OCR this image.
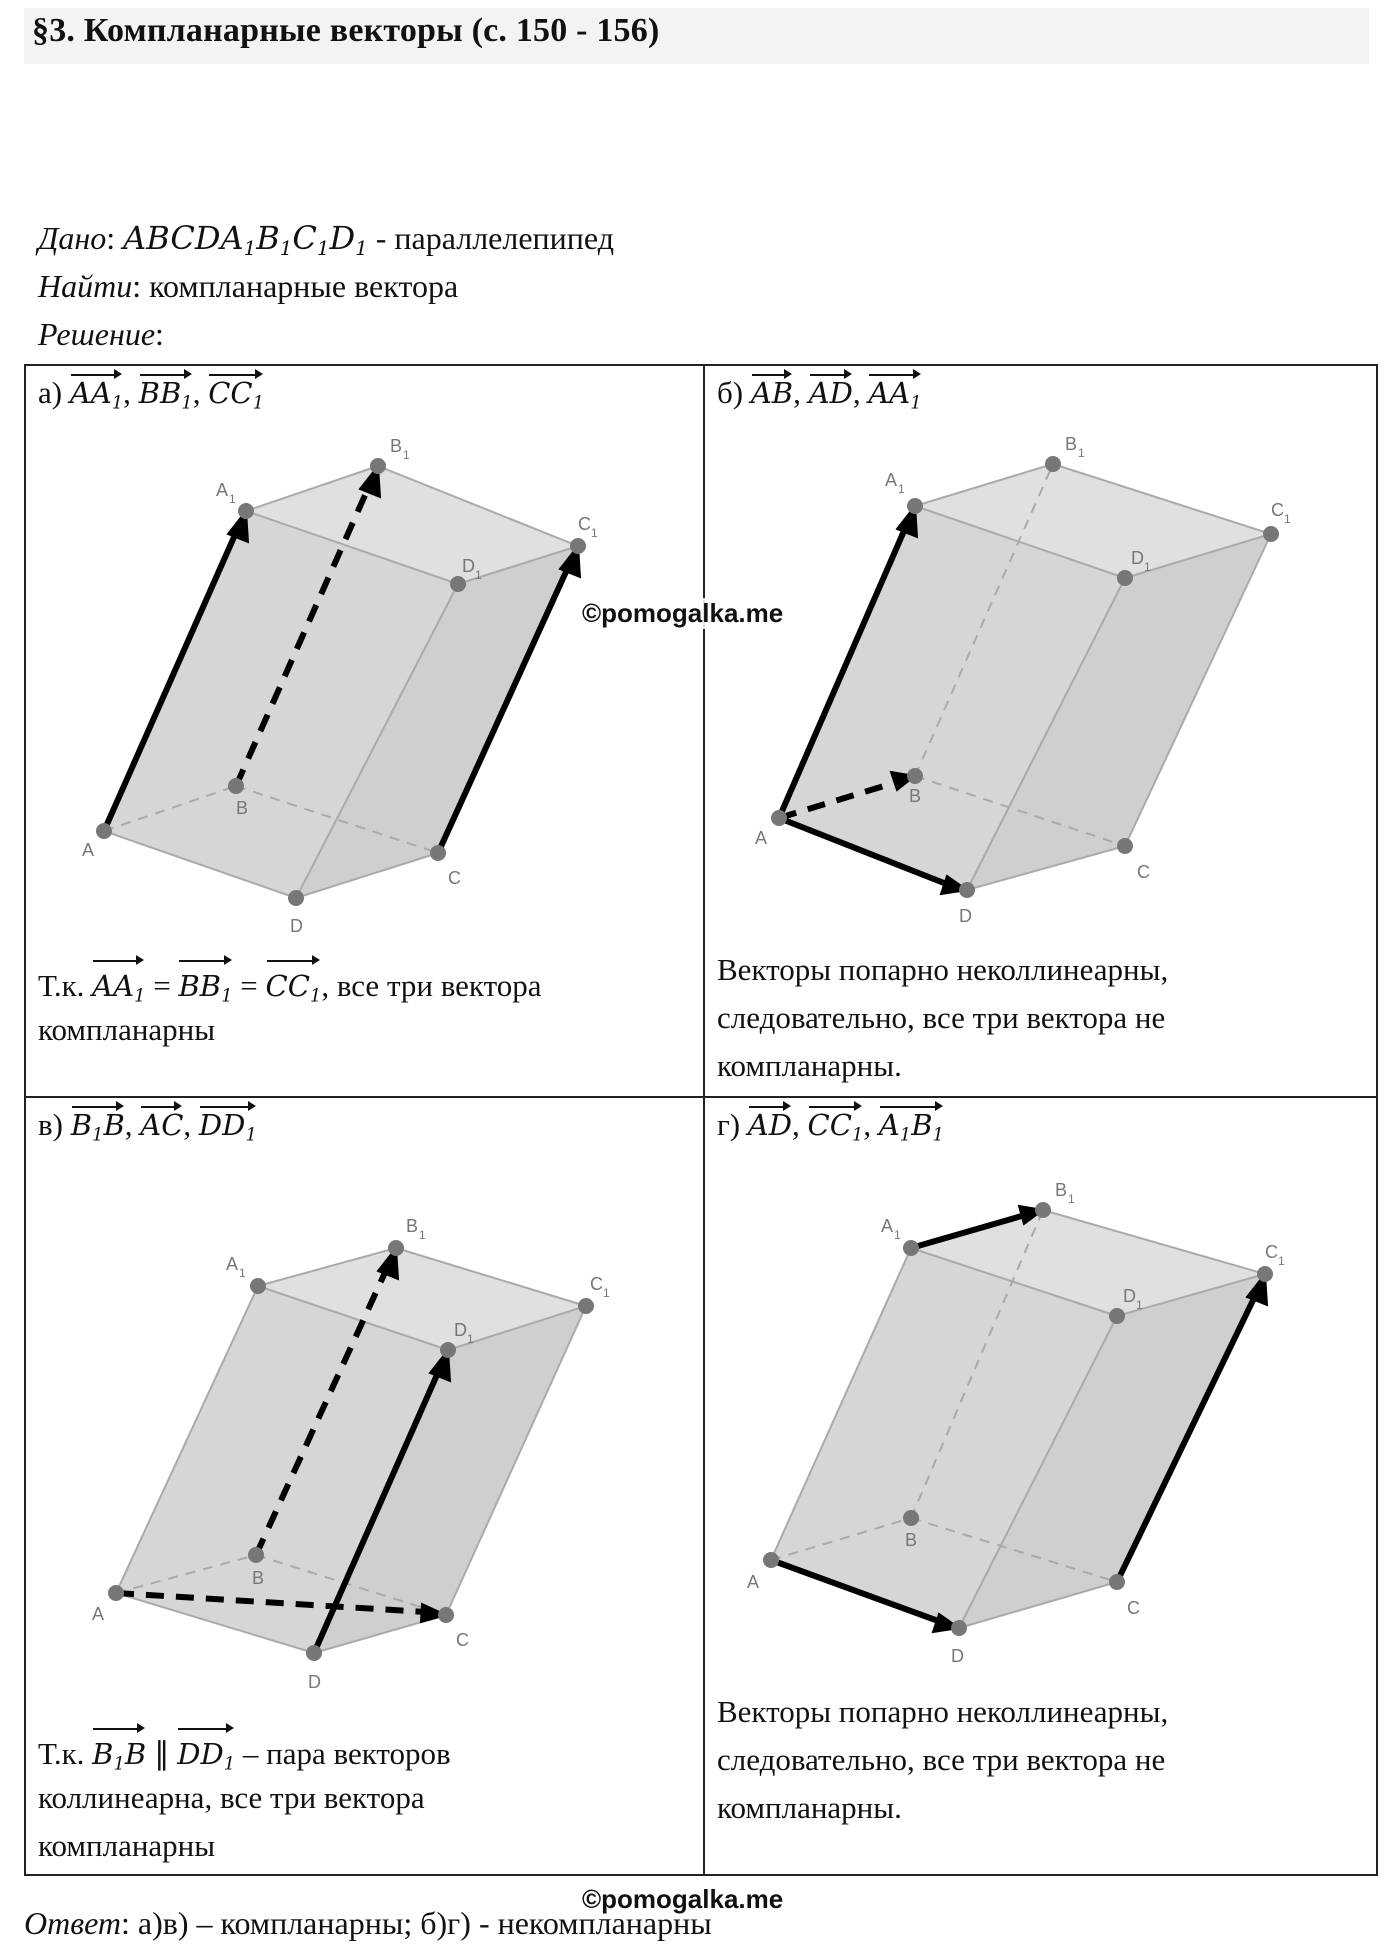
§3. Компланарные векторы (с. 150 - 156)
Дано: $ABCDA_1B_1C_1D_1$ - параллелепипед
Найти: компланарные вектора
Решение:
а) $AA_1$, $BB_1$, $CC_1$
A
B
C
D
A 1
B 1
C 1
D 1
Т.к. $AA_1 = BB_1 = CC_1$, все три вектора
компланарны
б) AB, AD, $AA_1$
A
B
C
D
A 1
B 1
C 1
D 1
Векторы попарно неколлинеарны,
следовательно, все три вектора не
компланарны.
в) $B_1B$, AC, $DD_1$
A
B
C
D
A 1
B 1
C 1
D 1
Т.к. $B_1B$ ∥ $DD_1$ – пара векторов
коллинеарна, все три вектора
компланарны
г) AD, $CC_1$, $A_1B_1$
A
B
C
D
A 1
B 1
C 1
D 1
Векторы попарно неколлинеарны,
следовательно, все три вектора не
компланарны.
©pomogalka.me
Ответ: а)в) – компланарны; б)г) - некомпланарны
©pomogalka.me
